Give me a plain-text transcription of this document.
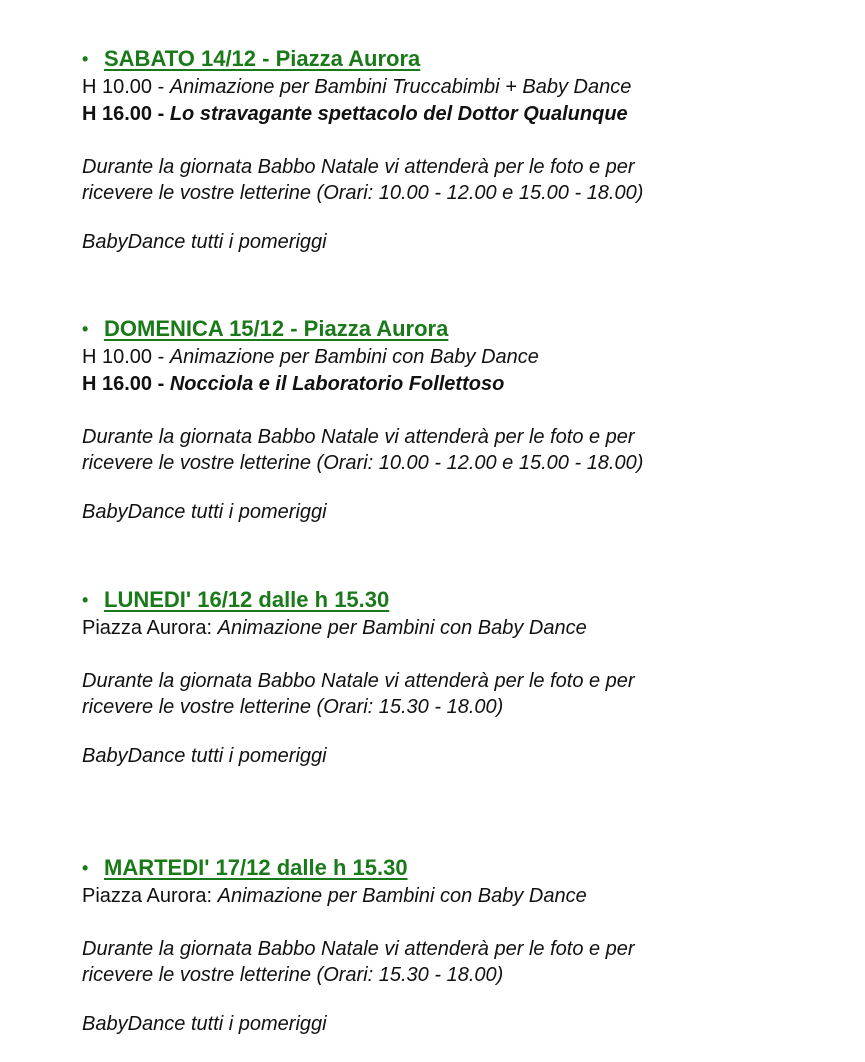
• SABATO 14/12 - Piazza Aurora
H 10.00 - Animazione per Bambini Truccabimbi + Baby Dance
H 16.00 - Lo stravagante spettacolo del Dottor Qualunque
Durante la giornata Babbo Natale vi attenderà per le foto e per
ricevere le vostre letterine (Orari: 10.00 - 12.00 e 15.00 - 18.00)
BabyDance tutti i pomeriggi
• DOMENICA 15/12 - Piazza Aurora
H 10.00 - Animazione per Bambini con Baby Dance
H 16.00 - Nocciola e il Laboratorio Follettoso
Durante la giornata Babbo Natale vi attenderà per le foto e per
ricevere le vostre letterine (Orari: 10.00 - 12.00 e 15.00 - 18.00)
BabyDance tutti i pomeriggi
• LUNEDI' 16/12 dalle h 15.30
Piazza Aurora: Animazione per Bambini con Baby Dance
Durante la giornata Babbo Natale vi attenderà per le foto e per
ricevere le vostre letterine (Orari: 15.30 - 18.00)
BabyDance tutti i pomeriggi
• MARTEDI' 17/12 dalle h 15.30
Piazza Aurora: Animazione per Bambini con Baby Dance
Durante la giornata Babbo Natale vi attenderà per le foto e per
ricevere le vostre letterine (Orari: 15.30 - 18.00)
BabyDance tutti i pomeriggi
